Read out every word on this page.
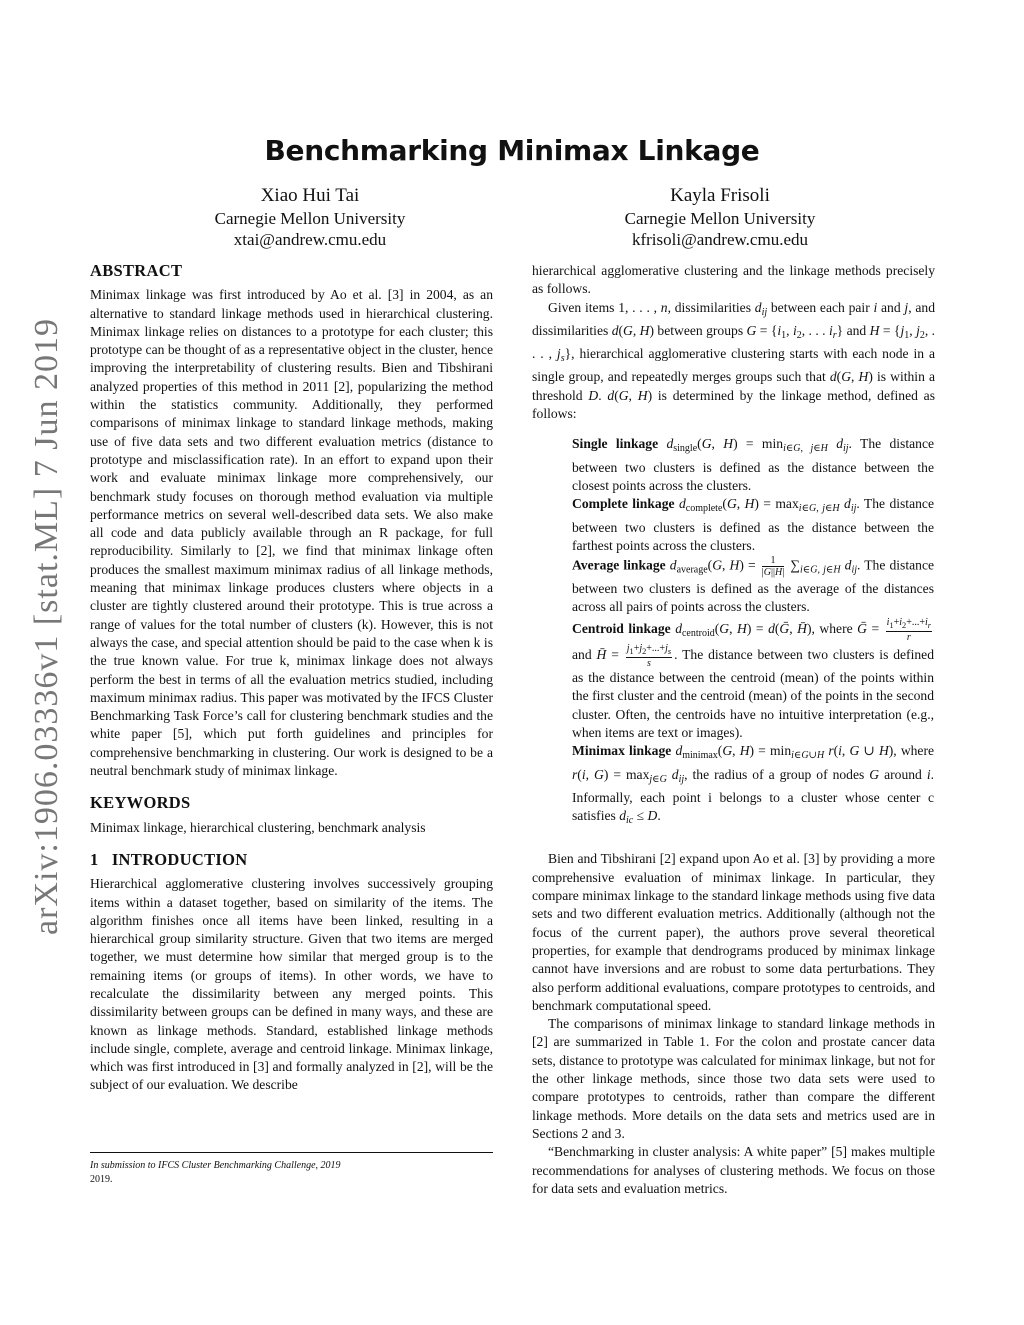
arXiv:1906.03336v1 [stat.ML] 7 Jun 2019
Benchmarking Minimax Linkage
Xiao Hui Tai
Carnegie Mellon University
xtai@andrew.cmu.edu
Kayla Frisoli
Carnegie Mellon University
kfrisoli@andrew.cmu.edu
ABSTRACT

Minimax linkage was first introduced by Ao et al. [3] in 2004, as an alternative to standard linkage methods used in hierarchical clustering. Minimax linkage relies on distances to a prototype for each cluster; this prototype can be thought of as a representative object in the cluster, hence improving the interpretability of clustering results. Bien and Tibshirani analyzed properties of this method in 2011 [2], popularizing the method within the statistics community. Additionally, they performed comparisons of minimax linkage to standard linkage methods, making use of five data sets and two different evaluation metrics (distance to prototype and misclassification rate). In an effort to expand upon their work and evaluate minimax linkage more comprehensively, our benchmark study focuses on thorough method evaluation via multiple performance metrics on several well-described data sets. We also make all code and data publicly available through an R package, for full reproducibility. Similarly to [2], we find that minimax linkage often produces the smallest maximum minimax radius of all linkage methods, meaning that minimax linkage produces clusters where objects in a cluster are tightly clustered around their prototype. This is true across a range of values for the total number of clusters (k). However, this is not always the case, and special attention should be paid to the case when k is the true known value. For true k, minimax linkage does not always perform the best in terms of all the evaluation metrics studied, including maximum minimax radius. This paper was motivated by the IFCS Cluster Benchmarking Task Force’s call for clustering benchmark studies and the white paper [5], which put forth guidelines and principles for comprehensive benchmarking in clustering. Our work is designed to be a neutral benchmark study of minimax linkage.

KEYWORDS

Minimax linkage, hierarchical clustering, benchmark analysis

1   INTRODUCTION

Hierarchical agglomerative clustering involves successively grouping items within a dataset together, based on similarity of the items. The algorithm finishes once all items have been linked, resulting in a hierarchical group similarity structure. Given that two items are merged together, we must determine how similar that merged group is to the remaining items (or groups of items). In other words, we have to recalculate the dissimilarity between any merged points. This dissimilarity between groups can be defined in many ways, and these are known as linkage methods. Standard, established linkage methods include single, complete, average and centroid linkage. Minimax linkage, which was first introduced in [3] and formally analyzed in [2], will be the subject of our evaluation. We describe

hierarchical agglomerative clustering and the linkage methods precisely as follows.

Given items 1, . . . , n, dissimilarities $d_{ij}$ between each pair i and j, and dissimilarities d(G, H) between groups $G = \{i_1$, $i_2$, . . . $i_r$} and $H = \{j_1$, $j_2$, . . . , $j_s$}, hierarchical agglomerative clustering starts with each node in a single group, and repeatedly merges groups such that d(G, H) is within a threshold D. d(G, H) is determined by the linkage method, defined as follows:

Single linkage $d_{single}(G$, $H) = \min_{i\in G, j\in H} d_{ij}$. The distance between two clusters is defined as the distance between the closest points across the clusters.

Complete linkage $d_{complete}(G$, $H) = \max_{i\in G, j\in H} d_{ij}$. The distance between two clusters is defined as the distance between the farthest points across the clusters.

Average linkage $d_{average}(G$, $H) = \frac{1}{|G||H|} \sum_{i\in G, j\in H}$ $d_{ij}$. The distance between two clusters is defined as the average of the distances across all pairs of points across the clusters.

Centroid linkage $d_{centroid}(G$, H) = d(Ḡ, H̄), where Ḡ = $\frac{i_1+i_2+...+i_r}{r}$
and H̄ = $\frac{j_1+j_2+...+j_s}{s}$ . The distance between two clusters is defined as the distance between the centroid (mean) of the points within the first cluster and the centroid (mean) of the points in the second cluster. Often, the centroids have no intuitive interpretation (e.g., when items are text or images).

Minimax linkage $d_{minimax}(G$, $H) = \min_{i\in G\cup H} r(i$, G ∪ H), where r(i, $G) = \max_{j\in G} d_{ij}$, the radius of a group of nodes G around i. Informally, each point i belongs to a cluster whose center c satisfies $d_{ic} \le D$.

Bien and Tibshirani [2] expand upon Ao et al. [3] by providing a more comprehensive evaluation of minimax linkage. In particular, they compare minimax linkage to the standard linkage methods using five data sets and two different evaluation metrics. Additionally (although not the focus of the current paper), the authors prove several theoretical properties, for example that dendrograms produced by minimax linkage cannot have inversions and are robust to some data perturbations. They also perform additional evaluations, compare prototypes to centroids, and benchmark computational speed.

The comparisons of minimax linkage to standard linkage methods in [2] are summarized in Table 1. For the colon and prostate cancer data sets, distance to prototype was calculated for minimax linkage, but not for the other linkage methods, since those two data sets were used to compare prototypes to centroids, rather than compare the different linkage methods. More details on the data sets and metrics used are in Sections 2 and 3.

“Benchmarking in cluster analysis: A white paper” [5] makes multiple recommendations for analyses of clustering methods. We focus on those for data sets and evaluation metrics.

In submission to IFCS Cluster Benchmarking Challenge, 2019
2019.
